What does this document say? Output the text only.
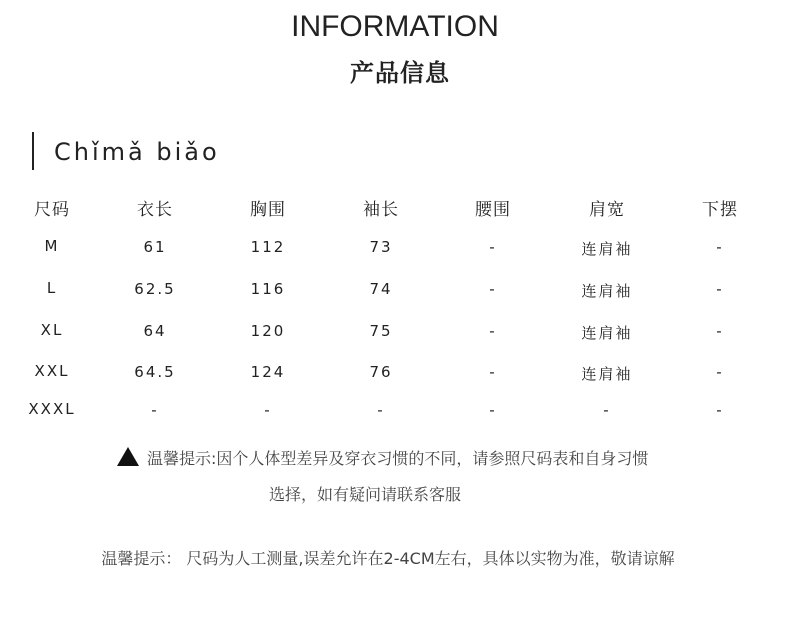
INFORMATION
产品信息
Chǐmǎ biǎo
尺码	衣长	胸围	袖长	腰围	肩宽	下摆
M	61	112	73	-	连肩袖	-
L	62.5	116	74	-	连肩袖	-
XL	64	120	75	-	连肩袖	-
XXL	64.5	124	76	-	连肩袖	-
XXXL	-	-	-	-	-	-
温馨提示:因个人体型差异及穿衣习惯的不同，请参照尺码表和自身习惯
选择，如有疑问请联系客服
温馨提示： 尺码为人工测量,误差允许在2-4CM左右，具体以实物为准，敬请谅解
